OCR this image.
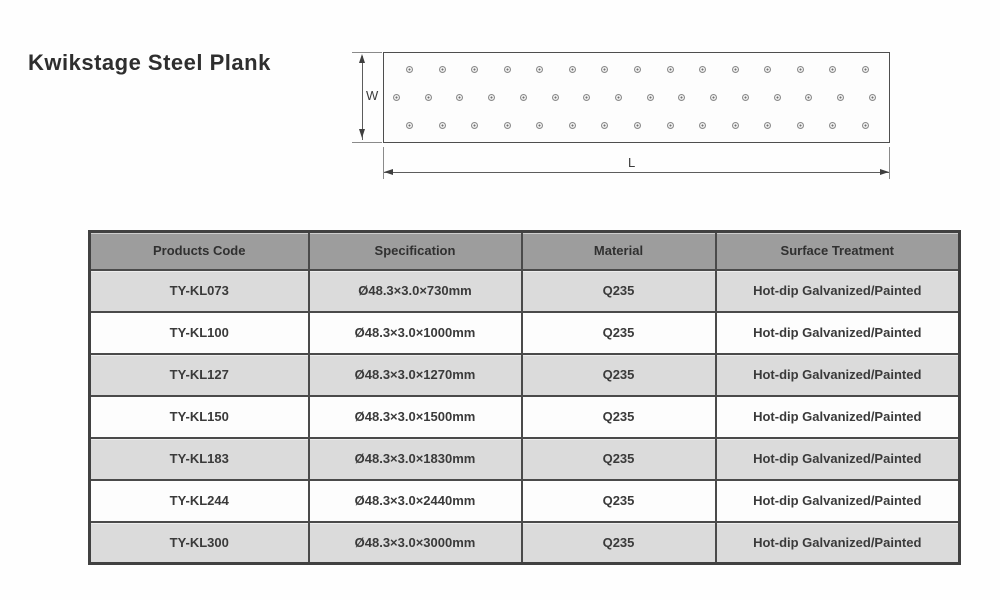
Kwikstage Steel Plank
W
L
Products Code	Specification	Material	Surface Treatment
TY-KL073	Ø48.3×3.0×730mm	Q235	Hot-dip Galvanized/Painted
TY-KL100	Ø48.3×3.0×1000mm	Q235	Hot-dip Galvanized/Painted
TY-KL127	Ø48.3×3.0×1270mm	Q235	Hot-dip Galvanized/Painted
TY-KL150	Ø48.3×3.0×1500mm	Q235	Hot-dip Galvanized/Painted
TY-KL183	Ø48.3×3.0×1830mm	Q235	Hot-dip Galvanized/Painted
TY-KL244	Ø48.3×3.0×2440mm	Q235	Hot-dip Galvanized/Painted
TY-KL300	Ø48.3×3.0×3000mm	Q235	Hot-dip Galvanized/Painted
